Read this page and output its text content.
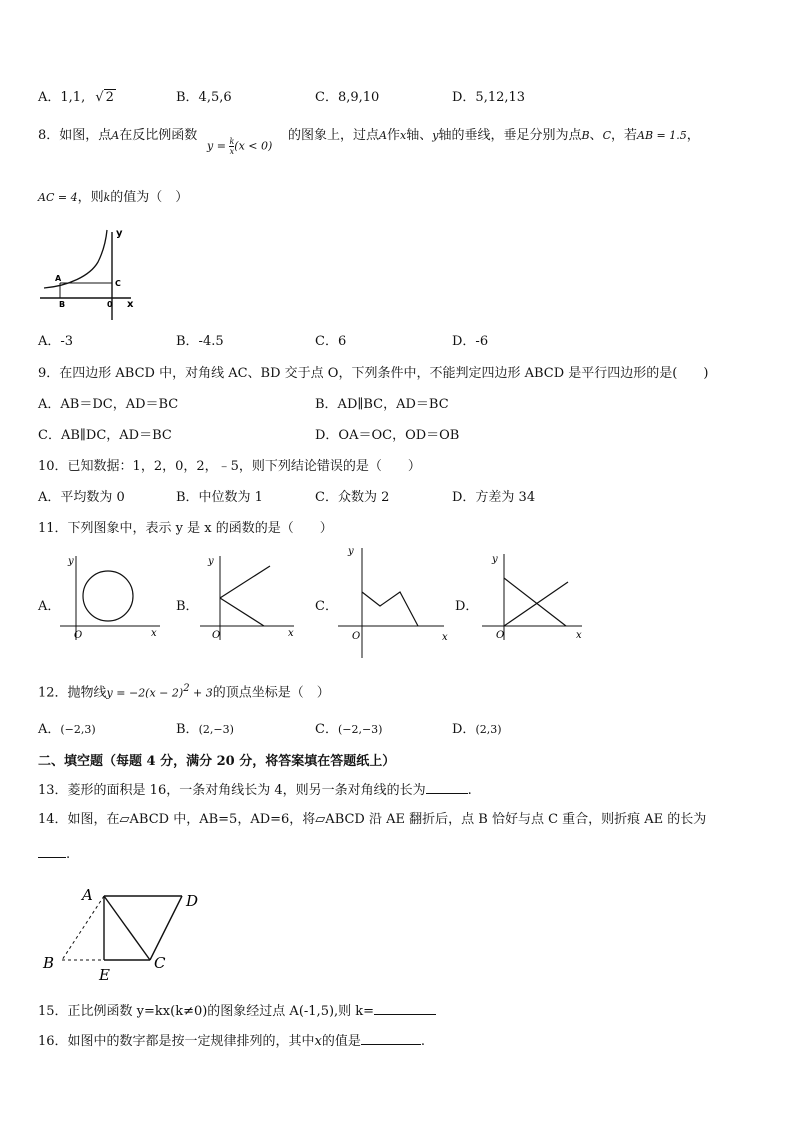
A．1,1, √ 2	B．4,5,6	C．8,9,10	D．5,12,13
8．如图，点A在反比例函数
$y = \frac{k}{x} (x < 0)$
的图象上，过点A作x轴、y轴的垂线，垂足分别为点B、C，若AB = 1.5，
AC = 4，则k的值为（　）
y
A
C
B	0 x
A．-3	B．-4.5	C．6	D．-6
9．在四边形 ABCD 中，对角线 AC、BD 交于点 O，下列条件中，不能判定四边形 ABCD 是平行四边形的是(　　)
A．AB＝DC，AD＝BC	B．AD∥BC，AD＝BC
C．AB∥DC，AD＝BC	D．OA＝OC，OD＝OB
10．已知数据：1，2，0，2，﹣5，则下列结论错误的是（　　）
A．平均数为 0	B．中位数为 1	C．众数为 2	D．方差为 34
11．下列图象中，表示 y 是 x 的函数的是（　　）
A．
y
O	x
B．
y
O	x
C．
y
O	x
D．
y
O	x
12．抛物线$y = -2(x - 2)^2 + 3$的顶点坐标是（　）
A．(−2,3)	B．(2,−3)	C．(−2,−3)	D．(2,3)
二、填空题（每题 4 分，满分 20 分，将答案填在答题纸上）
13．菱形的面积是 16，一条对角线长为 4，则另一条对角线的长为	.
14．如图，在▱ABCD 中，AB=5，AD=6，将▱ABCD 沿 AE 翻折后，点 B 恰好与点 C 重合，则折痕 AE 的长为
.
A	D
B
E
C
15．正比例函数 y=kx(k≠0)的图象经过点 A(-1,5),则 k=
16．如图中的数字都是按一定规律排列的，其中x的值是	.
